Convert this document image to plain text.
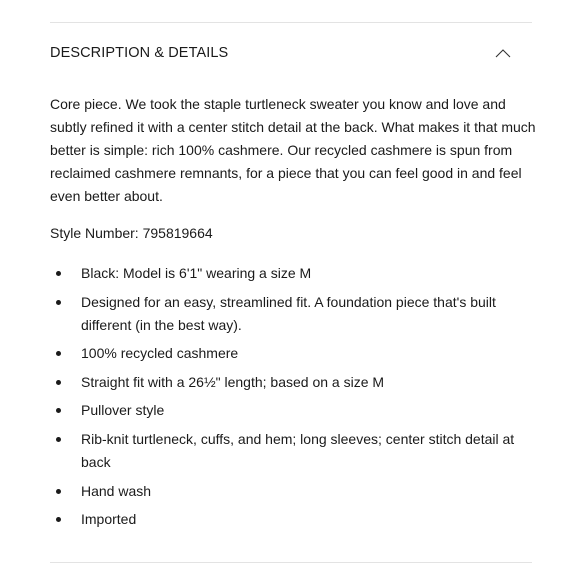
DESCRIPTION & DETAILS

Core piece. We took the staple turtleneck sweater you know and love and subtly refined it with a center stitch detail at the back. What makes it that much better is simple: rich 100% cashmere. Our recycled cashmere is spun from reclaimed cashmere remnants, for a piece that you can feel good in and feel even better about.

Style Number: 795819664

Black: Model is 6'1" wearing a size M
Designed for an easy, streamlined fit. A foundation piece that's built different (in the best way).
100% recycled cashmere
Straight fit with a 26½" length; based on a size M
Pullover style
Rib-knit turtleneck, cuffs, and hem; long sleeves; center stitch detail at back
Hand wash
Imported
